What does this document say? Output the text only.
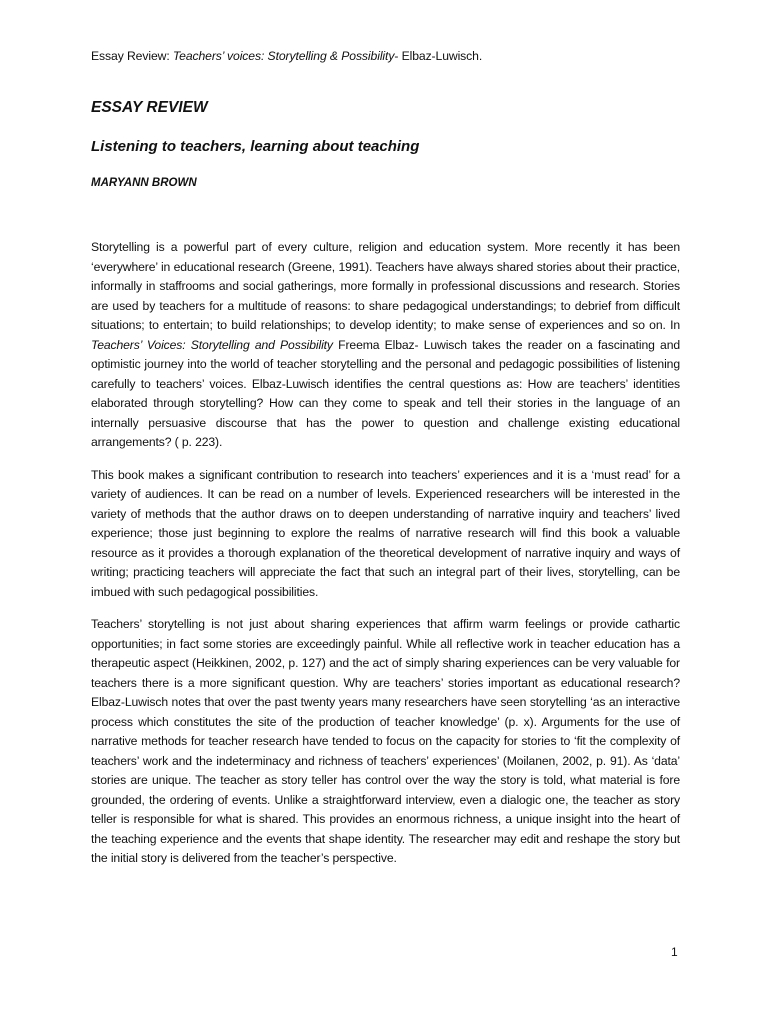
Essay Review: Teachers’ voices: Storytelling & Possibility- Elbaz-Luwisch.
ESSAY REVIEW
Listening to teachers, learning about teaching
MARYANN BROWN

Storytelling is a powerful part of every culture, religion and education system. More recently it has been ‘everywhere’ in educational research (Greene, 1991). Teachers have always shared stories about their practice, informally in staffrooms and social gatherings, more formally in professional discussions and research. Stories are used by teachers for a multitude of reasons: to share pedagogical understandings; to debrief from difficult situations; to entertain; to build relationships; to develop identity; to make sense of experiences and so on. In Teachers’ Voices: Storytelling and Possibility Freema Elbaz- Luwisch takes the reader on a fascinating and optimistic journey into the world of teacher storytelling and the personal and pedagogic possibilities of listening carefully to teachers’ voices. Elbaz-Luwisch identifies the central questions as: How are teachers’ identities elaborated through storytelling? How can they come to speak and tell their stories in the language of an internally persuasive discourse that has the power to question and challenge existing educational arrangements? ( p. 223).

This book makes a significant contribution to research into teachers’ experiences and it is a ‘must read’ for a variety of audiences. It can be read on a number of levels. Experienced researchers will be interested in the variety of methods that the author draws on to deepen understanding of narrative inquiry and teachers’ lived experience; those just beginning to explore the realms of narrative research will find this book a valuable resource as it provides a thorough explanation of the theoretical development of narrative inquiry and ways of writing; practicing teachers will appreciate the fact that such an integral part of their lives, storytelling, can be imbued with such pedagogical possibilities.

Teachers’ storytelling is not just about sharing experiences that affirm warm feelings or provide cathartic opportunities; in fact some stories are exceedingly painful. While all reflective work in teacher education has a therapeutic aspect (Heikkinen, 2002, p. 127) and the act of simply sharing experiences can be very valuable for teachers there is a more significant question. Why are teachers’ stories important as educational research? Elbaz-Luwisch notes that over the past twenty years many researchers have seen storytelling ‘as an interactive process which constitutes the site of the production of teacher knowledge’ (p. x). Arguments for the use of narrative methods for teacher research have tended to focus on the capacity for stories to ‘fit the complexity of teachers’ work and the indeterminacy and richness of teachers’ experiences’ (Moilanen, 2002, p. 91). As ‘data’ stories are unique. The teacher as story teller has control over the way the story is told, what material is fore grounded, the ordering of events. Unlike a straightforward interview, even a dialogic one, the teacher as story teller is responsible for what is shared. This provides an enormous richness, a unique insight into the heart of the teaching experience and the events that shape identity. The researcher may edit and reshape the story but the initial story is delivered from the teacher’s perspective.

1
